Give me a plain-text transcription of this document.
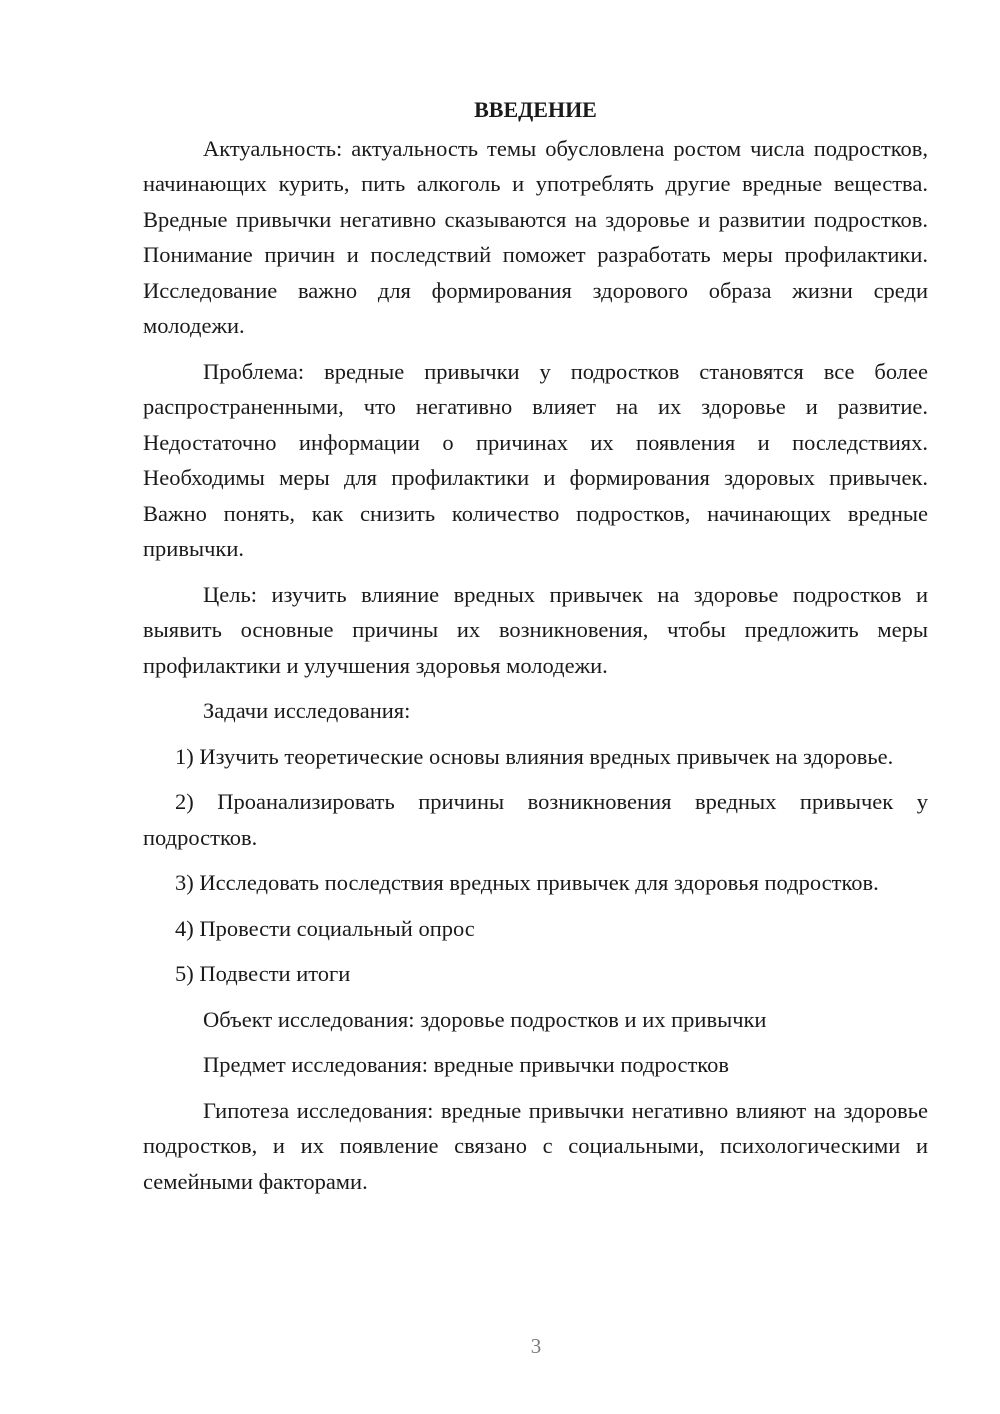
ВВЕДЕНИЕ

Актуальность: актуальность темы обусловлена ростом числа подростков, начинающих курить, пить алкоголь и употреблять другие вредные вещества. Вредные привычки негативно сказываются на здоровье и развитии подростков. Понимание причин и последствий поможет разработать меры профилактики. Исследование важно для формирования здорового образа жизни среди молодежи.

Проблема: вредные привычки у подростков становятся все более распространенными, что негативно влияет на их здоровье и развитие. Недостаточно информации о причинах их появления и последствиях. Необходимы меры для профилактики и формирования здоровых привычек. Важно понять, как снизить количество подростков, начинающих вредные привычки.

Цель: изучить влияние вредных привычек на здоровье подростков и выявить основные причины их возникновения, чтобы предложить меры профилактики и улучшения здоровья молодежи.

Задачи исследования:

1) Изучить теоретические основы влияния вредных привычек на здоровье.

2) Проанализировать причины возникновения вредных привычек у подростков.

3) Исследовать последствия вредных привычек для здоровья подростков.

4) Провести социальный опрос

5) Подвести итоги

Объект исследования: здоровье подростков и их привычки

Предмет исследования: вредные привычки подростков

Гипотеза исследования: вредные привычки негативно влияют на здоровье подростков, и их появление связано с социальными, психологическими и семейными факторами.

3
